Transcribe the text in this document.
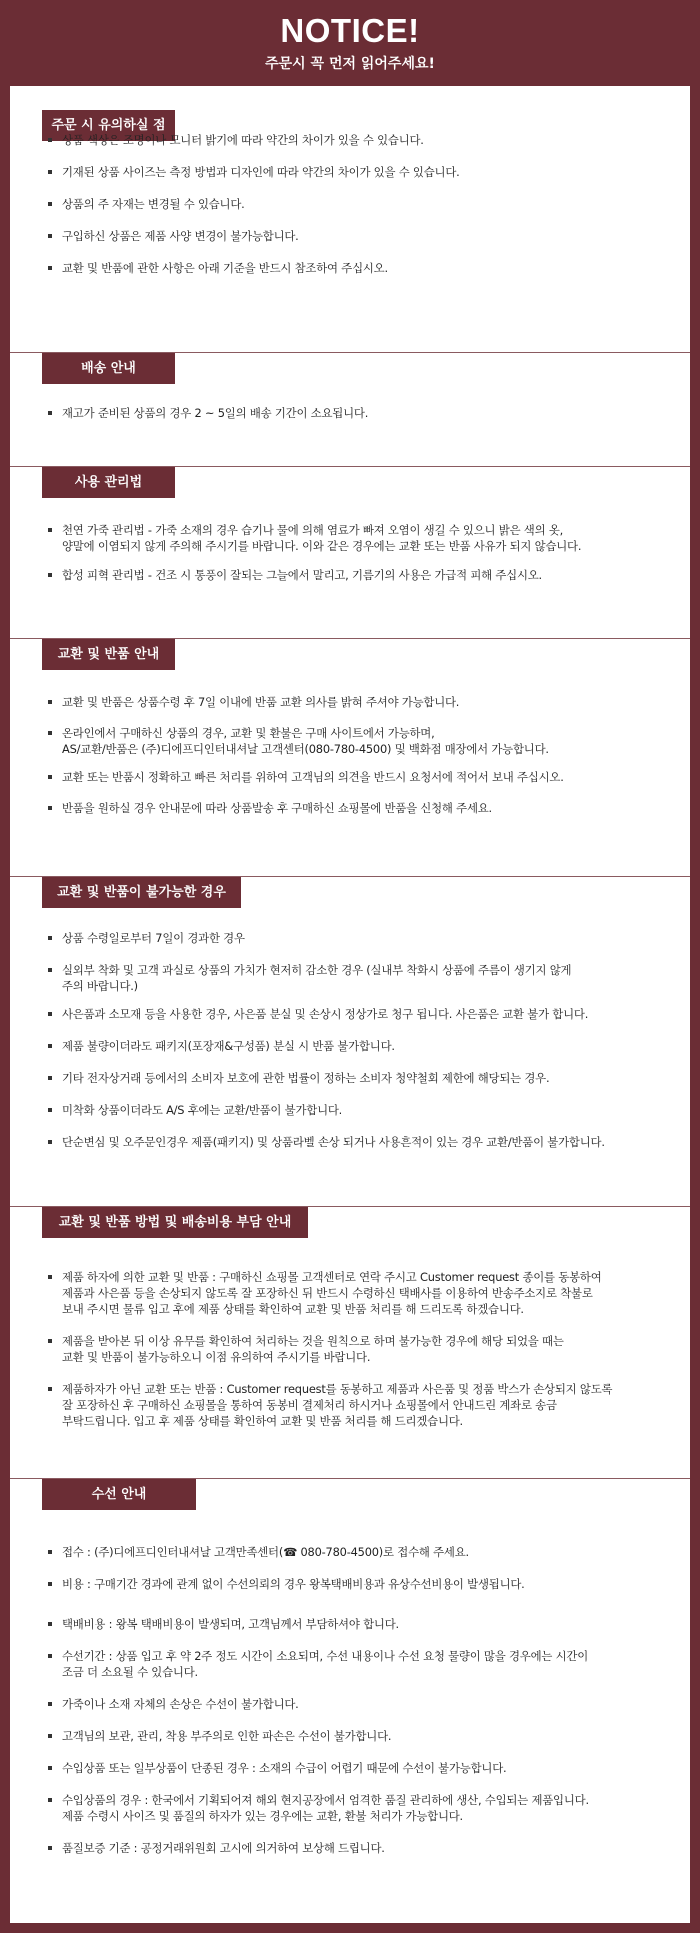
NOTICE!
주문시 꼭 먼저 읽어주세요!
주문 시 유의하실 점
상품 색상은 조명이나 모니터 밝기에 따라 약간의 차이가 있을 수 있습니다.
기재된 상품 사이즈는 측정 방법과 디자인에 따라 약간의 차이가 있을 수 있습니다.
상품의 주 자재는 변경될 수 있습니다.
구입하신 상품은 제품 사양 변경이 불가능합니다.
교환 및 반품에 관한 사항은 아래 기준을 반드시 참조하여 주십시오.
배송 안내
재고가 준비된 상품의 경우 2 ~ 5일의 배송 기간이 소요됩니다.
사용 관리법
천연 가죽 관리법 - 가죽 소재의 경우 습기나 물에 의해 염료가 빠져 오염이 생길 수 있으니 밝은 색의 옷,
양말에 이염되지 않게 주의해 주시기를 바랍니다. 이와 같은 경우에는 교환 또는 반품 사유가 되지 않습니다.
합성 피혁 관리법 - 건조 시 통풍이 잘되는 그늘에서 말리고, 기름기의 사용은 가급적 피해 주십시오.
교환 및 반품 안내
교환 및 반품은 상품수령 후 7일 이내에 반품 교환 의사를 밝혀 주셔야 가능합니다.
온라인에서 구매하신 상품의 경우, 교환 및 환불은 구매 사이트에서 가능하며,
AS/교환/반품은 (주)디에프디인터내셔날 고객센터(080-780-4500) 및 백화점 매장에서 가능합니다.
교환 또는 반품시 정확하고 빠른 처리를 위하여 고객님의 의견을 반드시 요청서에 적어서 보내 주십시오.
반품을 원하실 경우 안내문에 따라 상품발송 후 구매하신 쇼핑몰에 반품을 신청해 주세요.
교환 및 반품이 불가능한 경우
상품 수령일로부터 7일이 경과한 경우
실외부 착화 및 고객 과실로 상품의 가치가 현저히 감소한 경우 (실내부 착화시 상품에 주름이 생기지 않게
주의 바랍니다.)
사은품과 소모재 등을 사용한 경우, 사은품 분실 및 손상시 정상가로 청구 됩니다. 사은품은 교환 불가 합니다.
제품 불량이더라도 패키지(포장재&구성품) 분실 시 반품 불가합니다.
기타 전자상거래 등에서의 소비자 보호에 관한 법률이 정하는 소비자 청약철회 제한에 해당되는 경우.
미착화 상품이더라도 A/S 후에는 교환/반품이 불가합니다.
단순변심 및 오주문인경우 제품(패키지) 및 상품라벨 손상 되거나 사용흔적이 있는 경우 교환/반품이 불가합니다.
교환 및 반품 방법 및 배송비용 부담 안내
제품 하자에 의한 교환 및 반품 : 구매하신 쇼핑몰 고객센터로 연락 주시고 Customer request 종이를 동봉하여
제품과 사은품 등을 손상되지 않도록 잘 포장하신 뒤 반드시 수령하신 택배사를 이용하여 반송주소지로 착불로
보내 주시면 물류 입고 후에 제품 상태를 확인하여 교환 및 반품 처리를 해 드리도록 하겠습니다.
제품을 받아본 뒤 이상 유무를 확인하여 처리하는 것을 원칙으로 하며 불가능한 경우에 해당 되었을 때는
교환 및 반품이 불가능하오니 이점 유의하여 주시기를 바랍니다.
제품하자가 아닌 교환 또는 반품 : Customer request를 동봉하고 제품과 사은품 및 정품 박스가 손상되지 않도록
잘 포장하신 후 구매하신 쇼핑몰을 통하여 동봉비 결제처리 하시거나 쇼핑몰에서 안내드린 계좌로 송금
부탁드립니다. 입고 후 제품 상태를 확인하여 교환 및 반품 처리를 해 드리겠습니다.
수선 안내
접수 : (주)디에프디인터내셔날 고객만족센터(☎ 080-780-4500)로 접수해 주세요.
비용 : 구매기간 경과에 관계 없이 수선의뢰의 경우 왕복택배비용과 유상수선비용이 발생됩니다.
택배비용 : 왕복 택배비용이 발생되며, 고객님께서 부담하셔야 합니다.
수선기간 : 상품 입고 후 약 2주 정도 시간이 소요되며, 수선 내용이나 수선 요청 물량이 많을 경우에는 시간이
조금 더 소요될 수 있습니다.
가죽이나 소재 자체의 손상은 수선이 불가합니다.
고객님의 보관, 관리, 착용 부주의로 인한 파손은 수선이 불가합니다.
수입상품 또는 일부상품이 단종된 경우 : 소재의 수급이 어렵기 때문에 수선이 불가능합니다.
수입상품의 경우 : 한국에서 기획되어져 해외 현지공장에서 엄격한 품질 관리하에 생산, 수입되는 제품입니다.
제품 수령시 사이즈 및 품질의 하자가 있는 경우에는 교환, 환불 처리가 가능합니다.
품질보증 기준 : 공정거래위원회 고시에 의거하여 보상해 드립니다.
